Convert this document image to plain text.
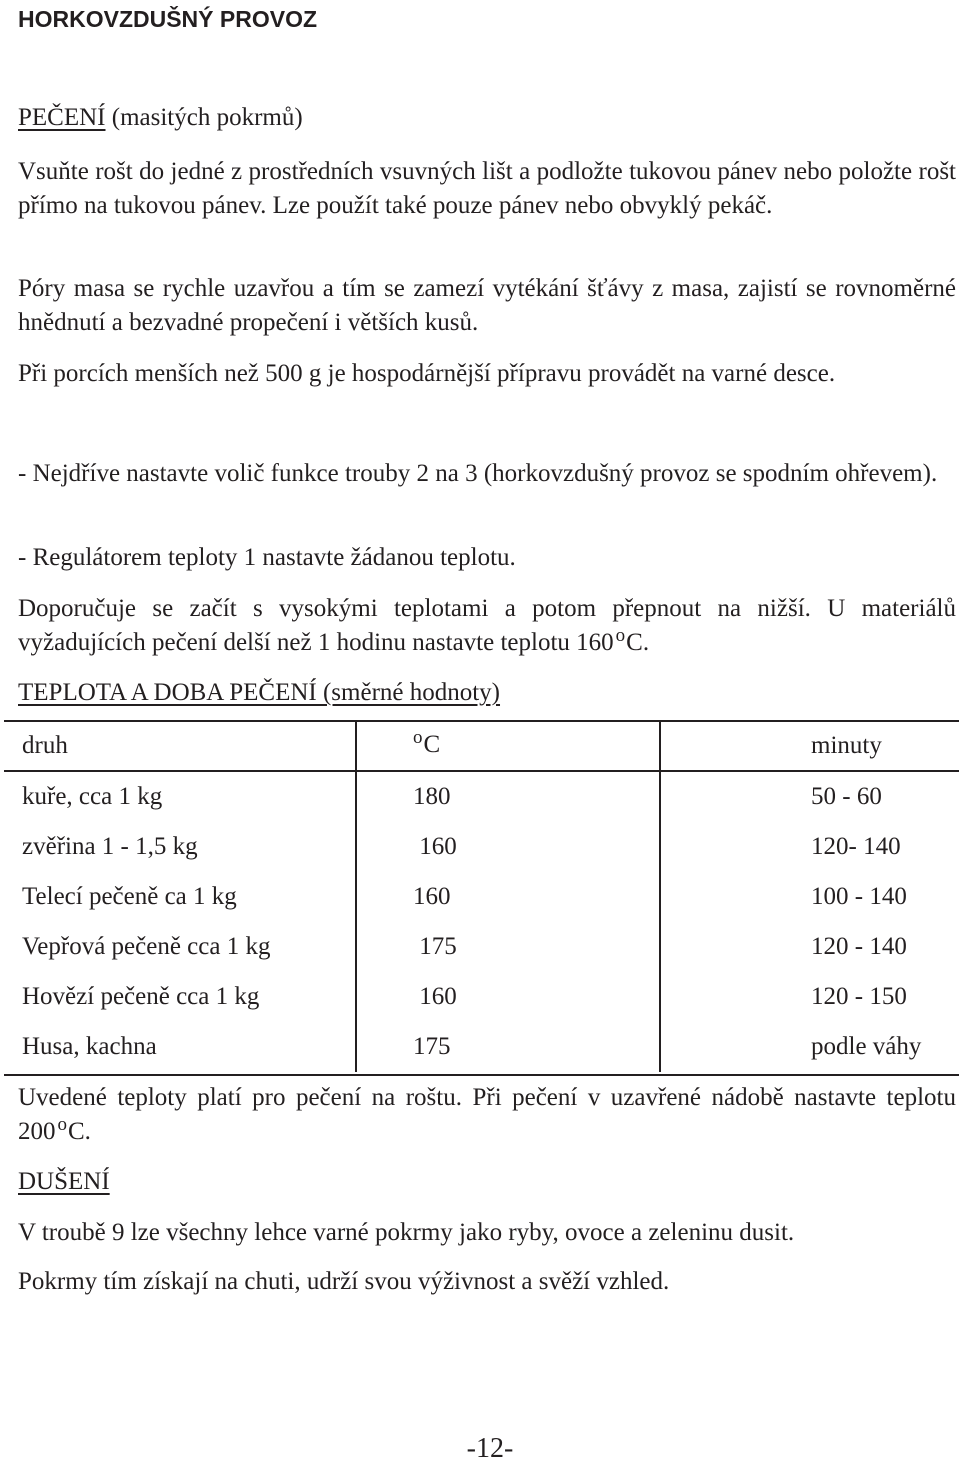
HORKOVZDUŠNÝ PROVOZ

PEČENÍ (masitých pokrmů)

Vsuňte rošt do jedné z prostředních vsuvných lišt a podložte tukovou pánev nebo položte rošt přímo na tukovou pánev. Lze použít také pouze pánev nebo obvyklý pekáč.

Póry masa se rychle uzavřou a tím se zamezí vytékání šťávy z masa, zajistí se rovnoměrné hnědnutí a bezvadné propečení i větších kusů.

Při porcích menších než 500 g je hospodárnější přípravu provádět na varné desce.

- Nejdříve nastavte volič funkce trouby 2 na 3 (horkovzdušný provoz se spodním ohřevem).

- Regulátorem teploty 1 nastavte žádanou teplotu.

Doporučuje se začít s vysokými teplotami a potom přepnout na nižší. U materiálů vyžadujících pečení delší než 1 hodinu nastavte teplotu 160 $^o$C.

TEPLOTA A DOBA PEČENÍ (směrné hodnoty)

druh	$^o$C	minuty
kuře, cca 1 kg	180	50 - 60
zvěřina 1 - 1,5 kg	160	120- 140
Telecí pečeně ca 1 kg	160	100 - 140
Vepřová pečeně cca 1 kg	175	120 - 140
Hovězí pečeně cca 1 kg	160	120 - 150
Husa, kachna	175	podle váhy

Uvedené teploty platí pro pečení na roštu. Při pečení v uzavřené nádobě nastavte teplotu 200 $^o$C.

DUŠENÍ

V troubě 9 lze všechny lehce varné pokrmy jako ryby, ovoce a zeleninu dusit.

Pokrmy tím získají na chuti, udrží svou výživnost a svěží vzhled.

-12-
